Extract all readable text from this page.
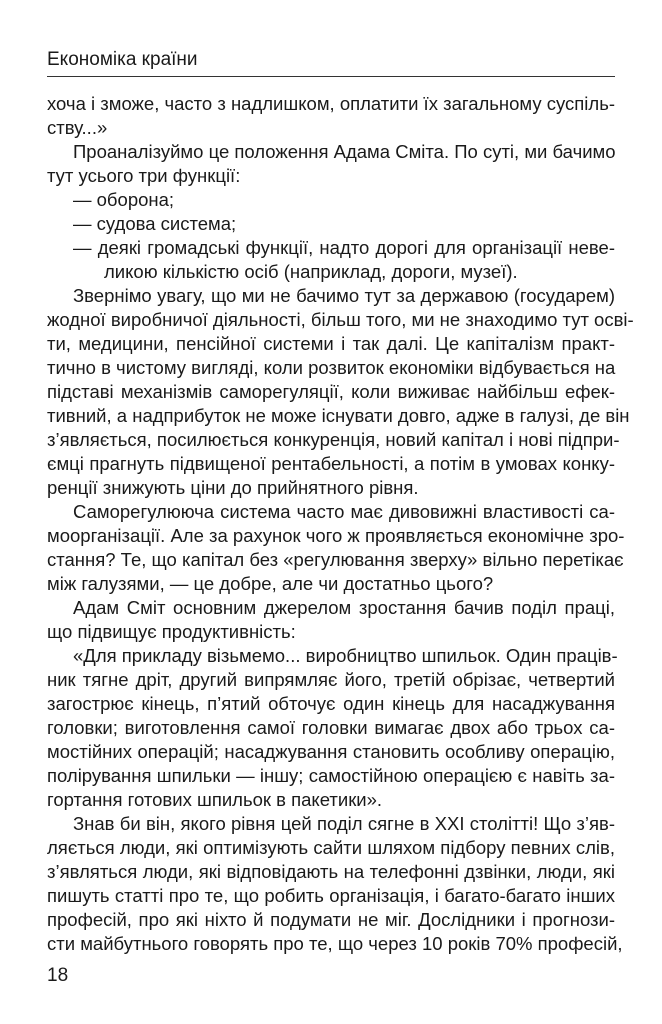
Економіка країни
хоча і зможе, часто з надлишком, оплатити їх загальному суспіль-
ству...»
Проаналізуймо це положення Адама Сміта. По суті, ми бачимо
тут усього три функції:
— оборона;
— судова система;
— деякі громадські функції, надто дорогі для організації неве-
ликою кількістю осіб (наприклад, дороги, музеї).
Звернімо увагу, що ми не бачимо тут за державою (государем)
жодної виробничої діяльності, більш того, ми не знаходимо тут осві-
ти, медицини, пенсійної системи і так далі. Це капіталізм практ-
тично в чистому вигляді, коли розвиток економіки відбувається на
підставі механізмів саморегуляції, коли виживає найбільш ефек-
тивний, а надприбуток не може існувати довго, адже в галузі, де він
з’являється, посилюється конкуренція, новий капітал і нові підпри-
ємці прагнуть підвищеної рентабельності, а потім в умовах конку-
ренції знижують ціни до прийнятного рівня.
Саморегулююча система часто має дивовижні властивості са-
моорганізації. Але за рахунок чого ж проявляється економічне зро-
стання? Те, що капітал без «регулювання зверху» вільно перетікає
між галузями, — це добре, але чи достатньо цього?
Адам Сміт основним джерелом зростання бачив поділ праці,
що підвищує продуктивність:
«Для прикладу візьмемо... виробництво шпильок. Один праців-
ник тягне дріт, другий випрямляє його, третій обрізає, четвертий
загострює кінець, п’ятий обточує один кінець для насаджування
головки; виготовлення самої головки вимагає двох або трьох са-
мостійних операцій; насаджування становить особливу операцію,
полірування шпильки — іншу; самостійною операцією є навіть за-
гортання готових шпильок в пакетики».
Знав би він, якого рівня цей поділ сягне в XXI столітті! Що з’яв-
ляється люди, які оптимізують сайти шляхом підбору певних слів,
з’являться люди, які відповідають на телефонні дзвінки, люди, які
пишуть статті про те, що робить організація, і багато-багато інших
професій, про які ніхто й подумати не міг. Дослідники і прогнози-
сти майбутнього говорять про те, що через 10 років 70% професій,
18
